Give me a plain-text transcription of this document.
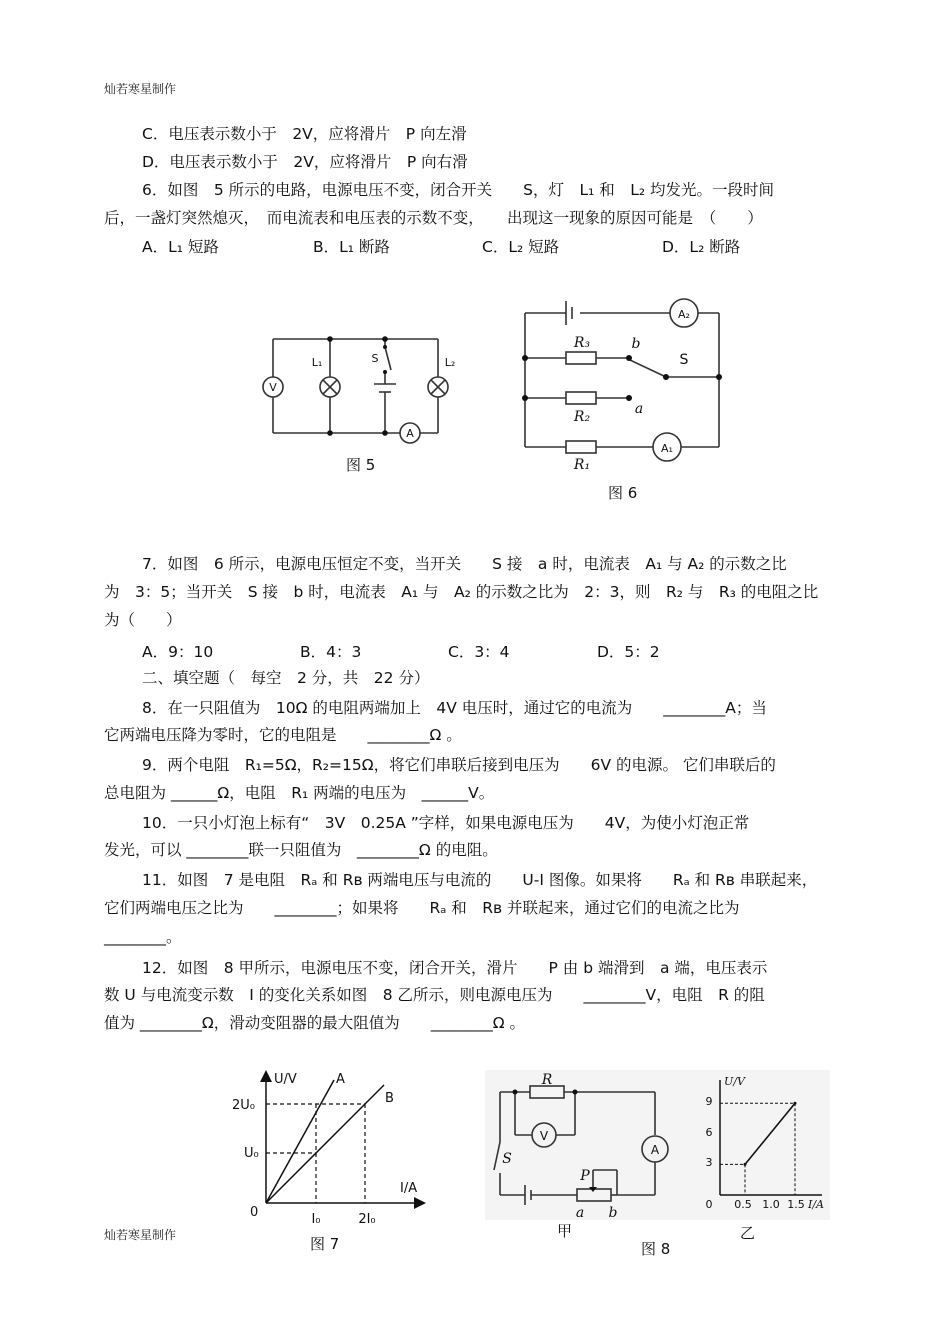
灿若寒星制作
灿若寒星制作
C．电压表示数小于　2V，应将滑片　P 向左滑
D．电压表示数小于　2V，应将滑片　P 向右滑
6．如图　5 所示的电路，电源电压不变，闭合开关　　S，灯　L₁ 和　L₂ 均发光。一段时间
后，一盏灯突然熄灭，　而电流表和电压表的示数不变，　　出现这一现象的原因可能是　（　　）
A．L₁ 短路	B．L₁ 断路	C．L₂ 短路	D．L₂ 断路
V
L₁	S	L₂
A
图 5
A₂
R₃	b
S
R₂	a
R₁
A₁
图 6
7．如图　6 所示，电源电压恒定不变，当开关　　S 接　a 时，电流表　A₁ 与 A₂ 的示数之比
为　3：5；当开关　S 接　b 时，电流表　A₁ 与　A₂ 的示数之比为　2：3，则　R₂ 与　R₃ 的电阻之比
为（　　）
A．9：10	B．4：3	C．3：4	D．5：2
二、填空题（　每空　2 分，共　22 分）
8．在一只阻值为　10Ω 的电阻两端加上　4V 电压时，通过它的电流为　　________A；当
它两端电压降为零时，它的电阻是　　________Ω 。
9．两个电阻　R₁=5Ω，R₂=15Ω，将它们串联后接到电压为　　6V 的电源。 它们串联后的
总电阻为 ______Ω，电阻　R₁ 两端的电压为　______V。
10．一只小灯泡上标有“　3V　0.25A ”字样，如果电源电压为　　4V，为使小灯泡正常
发光，可以 ________联一只阻值为　________Ω 的电阻。
11．如图　7 是电阻　Rₐ 和 Rʙ 两端电压与电流的　　U-I 图像。如果将　　Rₐ 和 Rʙ 串联起来，
它们两端电压之比为　　________；如果将　　Rₐ 和　Rʙ 并联起来，通过它们的电流之比为
________。
12．如图　8 甲所示，电源电压不变，闭合开关，滑片　　P 由 b 端滑到　a 端，电压表示
数 U 与电流变示数　I 的变化关系如图　8 乙所示，则电源电压为　　________V，电阻　R 的阻
值为 ________Ω，滑动变阻器的最大阻值为　　________Ω 。
U/V	A
B
2U₀
U₀
I/A
0	I₀	2I₀
图 7
R
V
A
S
P
a b
甲
U/V
9
6
3
0 0.5 1.0 1.5 I/A
乙
图 8
